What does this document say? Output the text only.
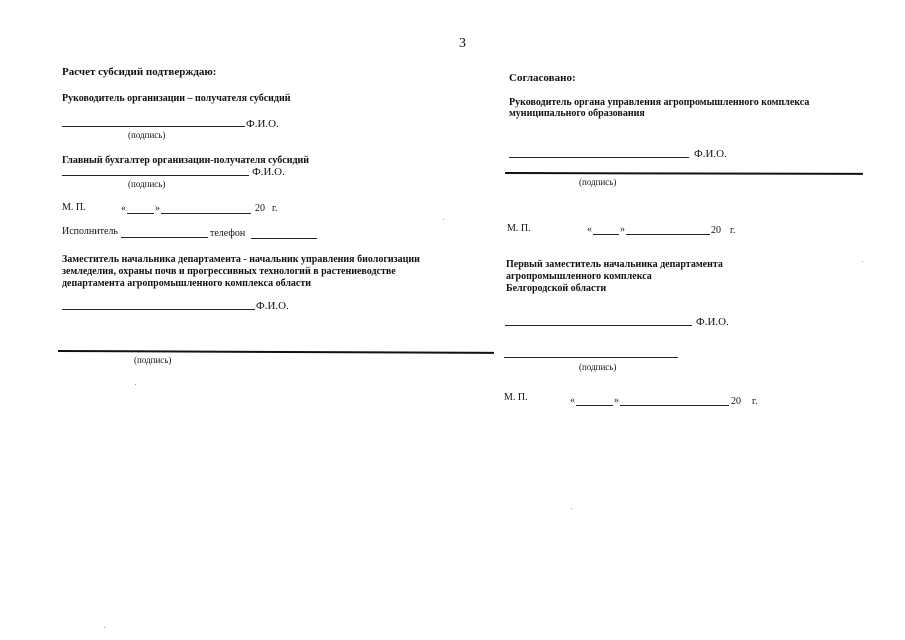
3
Расчет субсидий подтверждаю:
Руководитель организации – получателя субсидий
Ф.И.О.
(подпись)
Главный бухгалтер организации-получателя субсидий
Ф.И.О.
(подпись)
М. П.	«	»	20 г.
Исполнитель	телефон
Заместитель начальника департамента - начальник управления биологизации
земледелия, охраны почв и прогрессивных технологий в растениеводстве
департамента агропромышленного комплекса области
Ф.И.О.
(подпись)
Согласовано:
Руководитель органа управления агропромышленного комплекса
муниципального образования
Ф.И.О.
(подпись)
М. П.	«	»	20 г.
Первый заместитель начальника департамента
агропромышленного комплекса
Белгородской области
Ф.И.О.
(подпись)
М. П.	«	»	20 г.
